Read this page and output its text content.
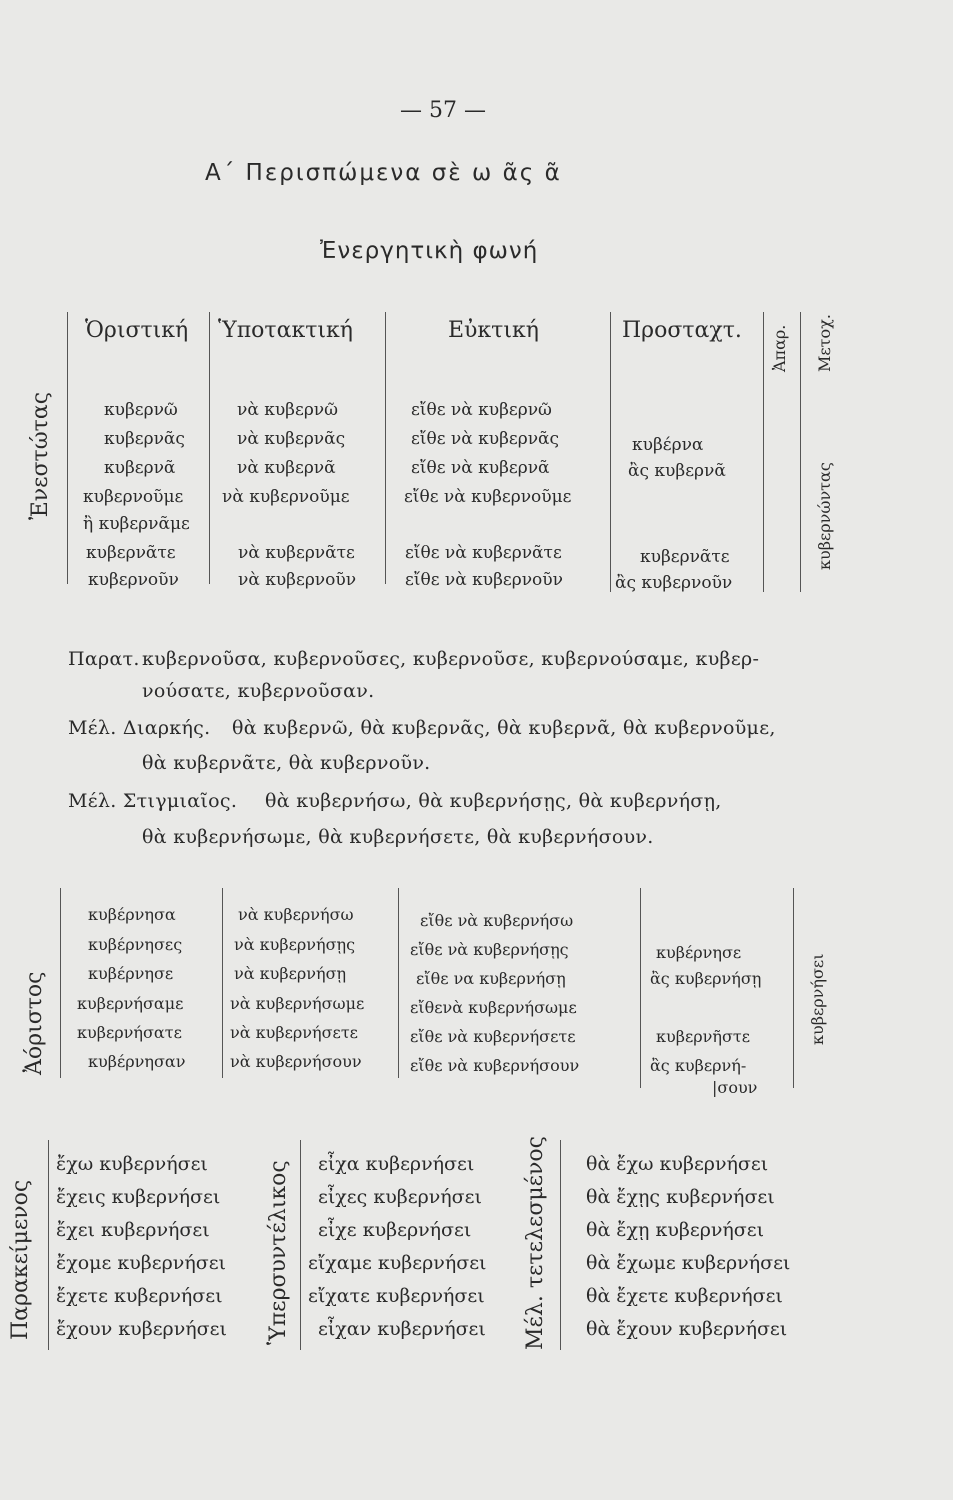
— 57 —
Α΄ Περισπώμενα σὲ ω ᾶς ᾶ
Ἐνεργητικὴ φωνή
Ἐνεστώτας
Ὁριστική Ὑποτακτική	Εὐκτική	Προσταχτ. Ἀπαρ. Μετοχ.
κυβερνῶ
κυβερνᾶς
κυβερνᾶ
κυβερνοῦμε
ἢ κυβερνᾶμε
κυβερνᾶτε
κυβερνοῦν
νὰ κυβερνῶ
νὰ κυβερνᾶς
νὰ κυβερνᾶ
νὰ κυβερνοῦμε
νὰ κυβερνᾶτε
νὰ κυβερνοῦν
εἴθε νὰ κυβερνῶ
εἴθε νὰ κυβερνᾶς
εἴθε νὰ κυβερνᾶ
εἴθε νὰ κυβερνοῦμε
εἴθε νὰ κυβερνᾶτε
εἴθε νὰ κυβερνοῦν
κυβέρνα
ἂς κυβερνᾶ
κυβερνᾶτε
ἂς κυβερνοῦν
κυβερνώντας
Παρατ. κυβερνοῦσα, κυβερνοῦσες, κυβερνοῦσε, κυβερνούσαμε, κυβερ-
νούσατε, κυβερνοῦσαν.
Μέλ. Διαρκής. θὰ κυβερνῶ, θὰ κυβερνᾶς, θὰ κυβερνᾶ, θὰ κυβερνοῦμε,
θὰ κυβερνᾶτε, θὰ κυβερνοῦν.
Μέλ. Στιγμιαῖος. θὰ κυβερνήσω, θὰ κυβερνήσῃς, θὰ κυβερνήσῃ,
θὰ κυβερνήσωμε, θὰ κυβερνήσετε, θὰ κυβερνήσουν.
Ἀόριστος
κυβέρνησα
κυβέρνησες
κυβέρνησε
κυβερνήσαμε
κυβερνήσατε
κυβέρνησαν
νὰ κυβερνήσω
νὰ κυβερνήσῃς
νὰ κυβερνήσῃ
νὰ κυβερνήσωμε
νὰ κυβερνήσετε
νὰ κυβερνήσουν
εἴθε νὰ κυβερνήσω
εἴθε νὰ κυβερνήσῃς
εἴθε να κυβερνήσῃ
εἴθενὰ κυβερνήσωμε
εἴθε νὰ κυβερνήσετε
εἴθε νὰ κυβερνήσουν
κυβέρνησε
ἂς κυβερνήσῃ
κυβερνῆστε
ἂς κυβερνή-
|σουν
κυβερνήσει
Παρακείμενος
ἔχω κυβερνήσει
ἔχεις κυβερνήσει
ἔχει κυβερνήσει
ἔχομε κυβερνήσει
ἔχετε κυβερνήσει
ἔχουν κυβερνήσει Ὑπερσυντέλικος εἶχα κυβερνήσει
εἶχες κυβερνήσει
εἶχε κυβερνήσει
εἴχαμε κυβερνήσει
εἴχατε κυβερνήσει
εἶχαν κυβερνήσει Μέλ. τετελεσμένος θὰ ἔχω κυβερνήσει
θὰ ἔχῃς κυβερνήσει
θὰ ἔχῃ κυβερνήσει
θὰ ἔχωμε κυβερνήσει
θὰ ἔχετε κυβερνήσει
θὰ ἔχουν κυβερνήσει
